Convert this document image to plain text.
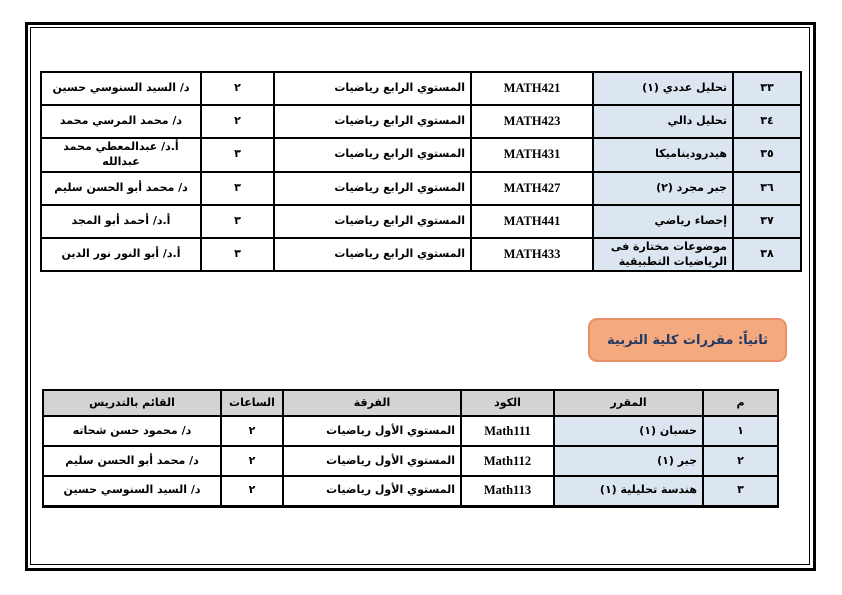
٣٣	تحليل عددي (١)	MATH421	المستوي الرابع رياضيات	٢	د/ السيد السنوسي حسين
٣٤	تحليل دالي	MATH423	المستوي الرابع رياضيات	٢	د/ محمد المرسي محمد
٣٥	هيدروديناميكا	MATH431	المستوي الرابع رياضيات	٣	أ.د/ عبدالمعطي محمد عبدالله
٣٦	جبر مجرد (٢)	MATH427	المستوي الرابع رياضيات	٣	د/ محمد أبو الحسن سليم
٣٧	إحصاء رياضي	MATH441	المستوي الرابع رياضيات	٣	أ.د/ أحمد أبو المجد
٣٨	موضوعات مختارة فى الرياضيات التطبيقية	MATH433	المستوي الرابع رياضيات	٣	أ.د/ أبو النور نور الدين
ثانياً: مقررات كلية التربية
م	المقرر	الكود	الفرقة	الساعات	القائم بالتدريس
١	حسبان (١)	Math111	المستوي الأول رياضيات	٢	د/ محمود حسن شحاته
٢	جبر (١)	Math112	المستوي الأول رياضيات	٢	د/ محمد أبو الحسن سليم
٣	هندسة تحليلية (١)	Math113	المستوي الأول رياضيات	٢	د/ السيد السنوسي حسين
